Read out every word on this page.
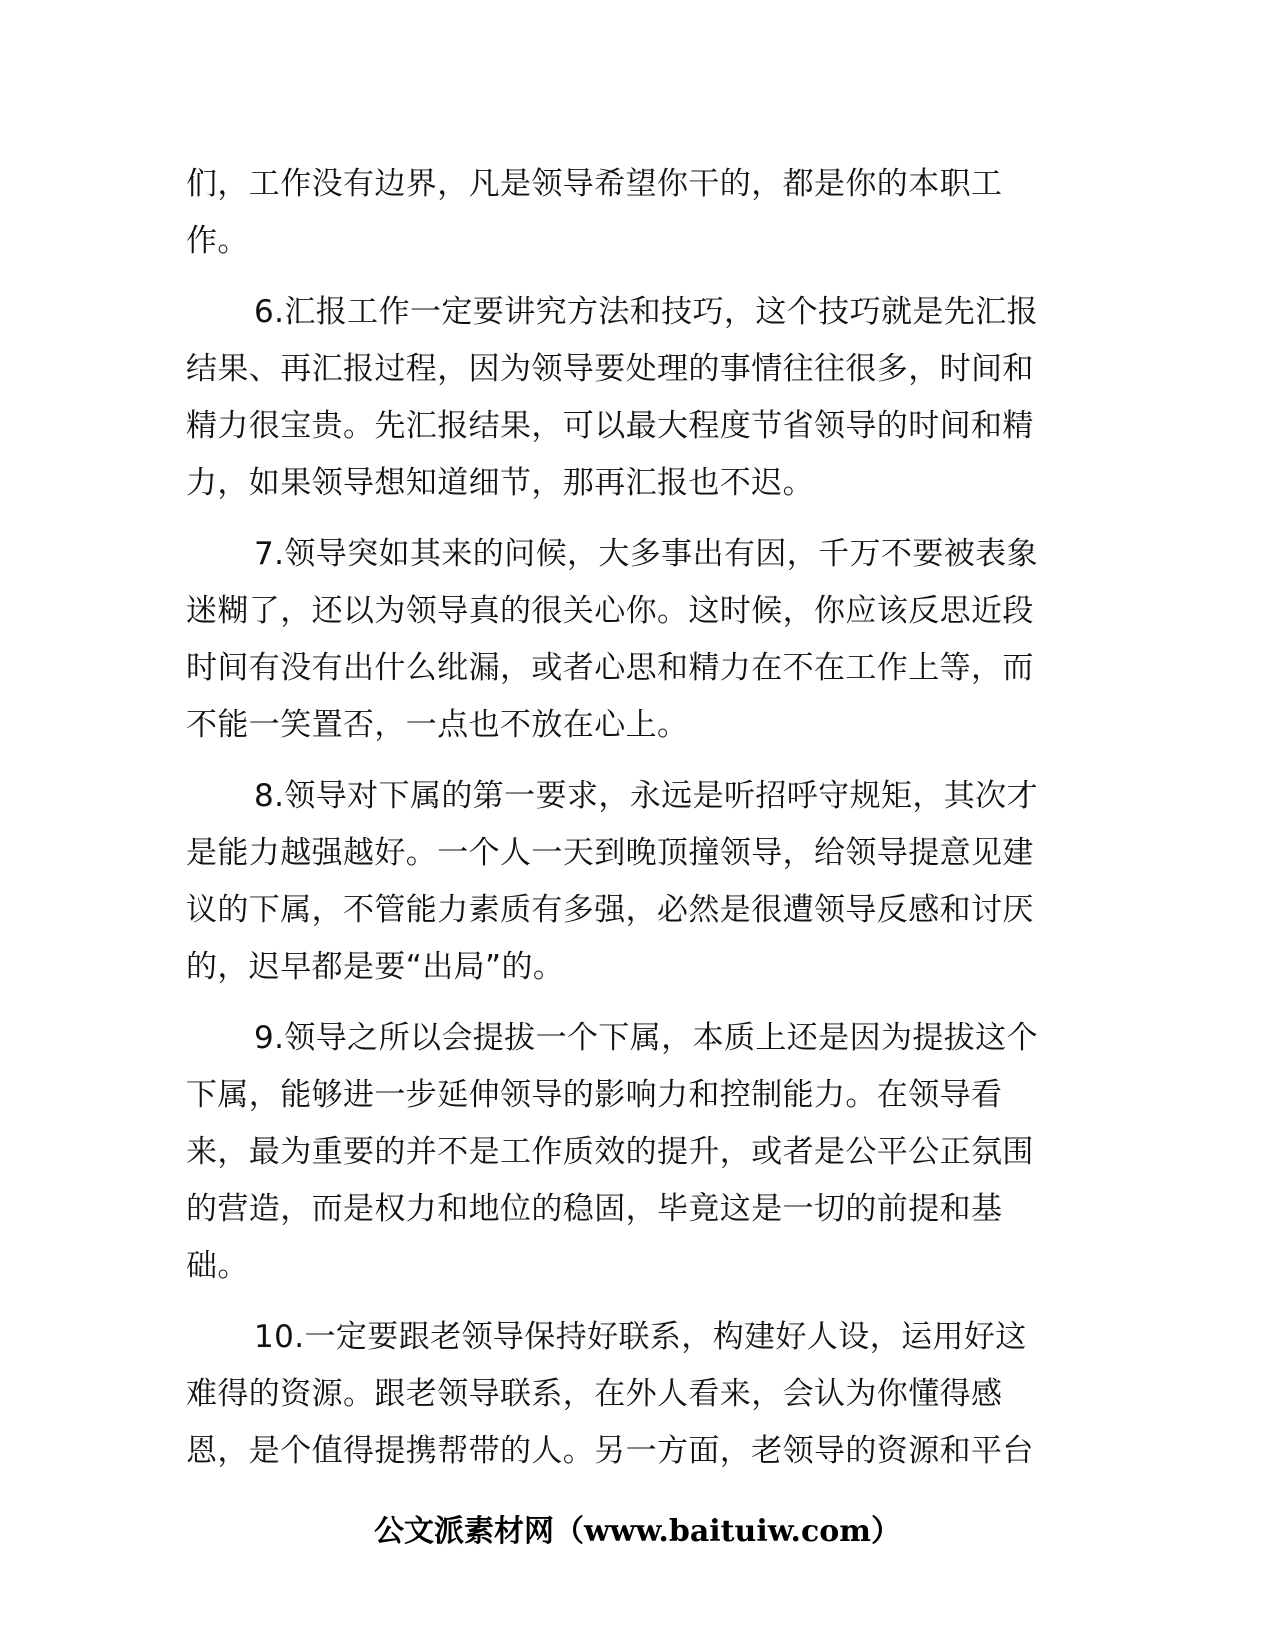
们，工作没有边界，凡是领导希望你干的，都是你的本职工
作。

6.汇报工作一定要讲究方法和技巧，这个技巧就是先汇报
结果、再汇报过程，因为领导要处理的事情往往很多，时间和
精力很宝贵。先汇报结果，可以最大程度节省领导的时间和精
力，如果领导想知道细节，那再汇报也不迟。

7.领导突如其来的问候，大多事出有因，千万不要被表象
迷糊了，还以为领导真的很关心你。这时候，你应该反思近段
时间有没有出什么纰漏，或者心思和精力在不在工作上等，而
不能一笑置否，一点也不放在心上。

8.领导对下属的第一要求，永远是听招呼守规矩，其次才
是能力越强越好。一个人一天到晚顶撞领导，给领导提意见建
议的下属，不管能力素质有多强，必然是很遭领导反感和讨厌
的，迟早都是要“出局”的。

9.领导之所以会提拔一个下属，本质上还是因为提拔这个
下属，能够进一步延伸领导的影响力和控制能力。在领导看
来，最为重要的并不是工作质效的提升，或者是公平公正氛围
的营造，而是权力和地位的稳固，毕竟这是一切的前提和基
础。

10.一定要跟老领导保持好联系，构建好人设，运用好这
难得的资源。跟老领导联系，在外人看来，会认为你懂得感
恩，是个值得提携帮带的人。另一方面，老领导的资源和平台

公文派素材网（www.baituiw.com）
